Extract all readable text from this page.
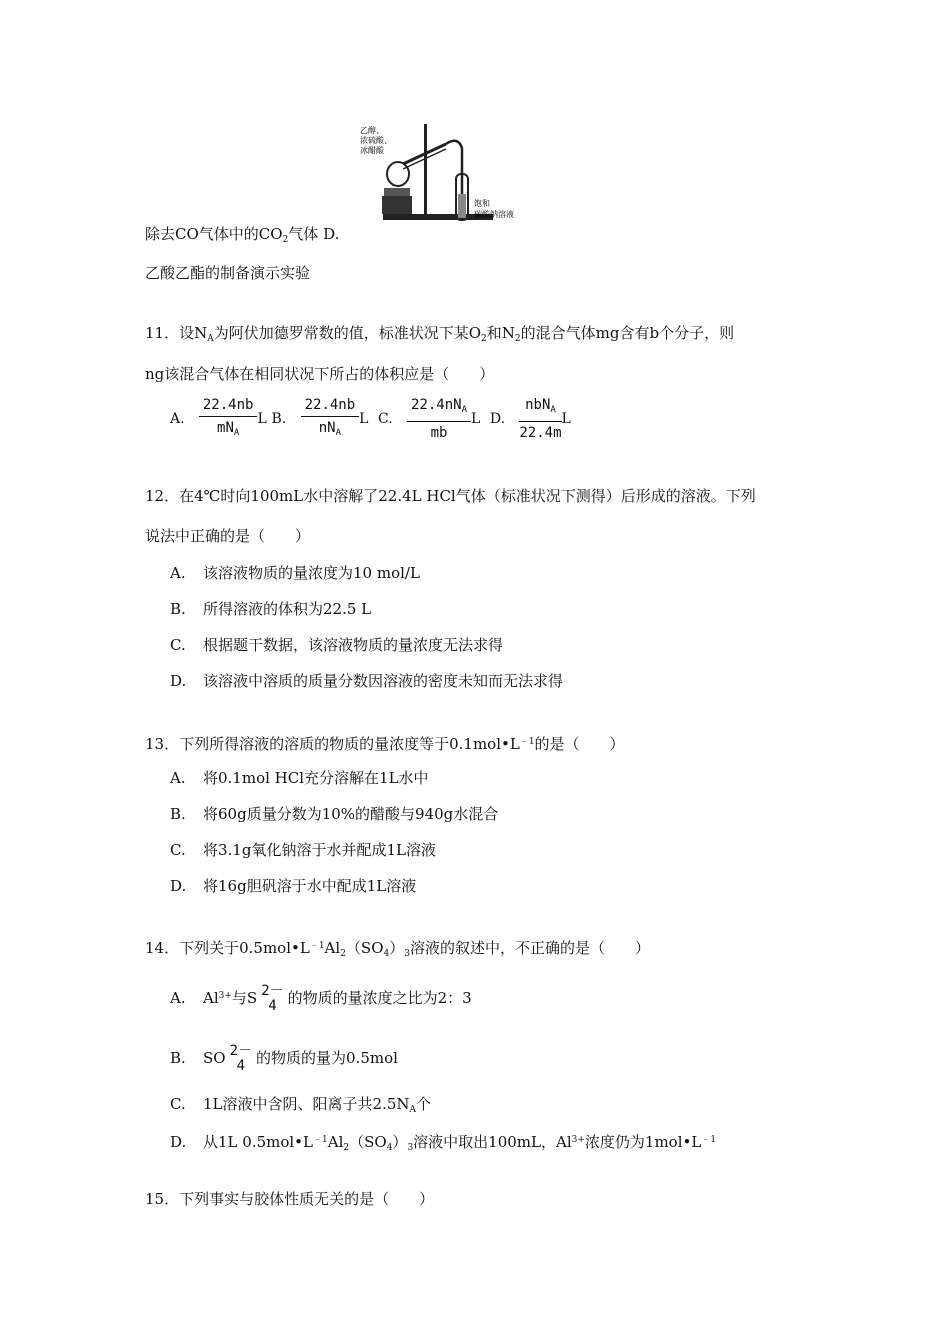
乙醇、
浓硫酸、
冰醋酸
饱和
碳酸钠溶液
除去CO气体中的$CO_2$气体 D.
乙酸乙酯的制备演示实验
11．设$N_A$为阿伏加德罗常数的值，标准状况下某$O_2$和$N_2$的混合气体mg含有b个分子，则
ng该混合气体在相同状况下所占的体积应是（　　）
A. $\frac{22.4nb}{mN_A}$ L B. $\frac{22.4nb}{nN_A}$ L C. $\frac{22.4nN_A}{mb}$ L D. $\frac{nbN_A}{22.4m}$ L
12．在4℃时向100mL水中溶解了22.4L HCl气体（标准状况下测得）后形成的溶液。下列
说法中正确的是（　　）
A. 该溶液物质的量浓度为10 mol/L
B. 所得溶液的体积为22.5 L
C. 根据题干数据，该溶液物质的量浓度无法求得
D. 该溶液中溶质的质量分数因溶液的密度未知而无法求得
13．下列所得溶液的溶质的物质的量浓度等于$0.1mol•L^{﹣1}$的是（　　）
A. 将0.1mol HCl充分溶解在1L水中
B. 将60g质量分数为10%的醋酸与940g水混合
C. 将3.1g氧化钠溶于水并配成1L溶液
D. 将16g胆矾溶于水中配成1L溶液
14．下列关于$0.5mol•L^{﹣1}Al_2(SO_4)_3$溶液的叙述中，不正确的是（　　）
A. $Al^{3+}$与S 2－
4 的物质的量浓度之比为2：3
B. SO 2－
4 的物质的量为0.5mol
C. 1L溶液中含阴、阳离子共$2.5N_A$个
D. 从1L $0.5mol•L^{﹣1}Al_2(SO_4)_3$溶液中取出100mL，$Al^{3+}$浓度仍为$1mol•L^{﹣1}$
15．下列事实与胶体性质无关的是（　　）
